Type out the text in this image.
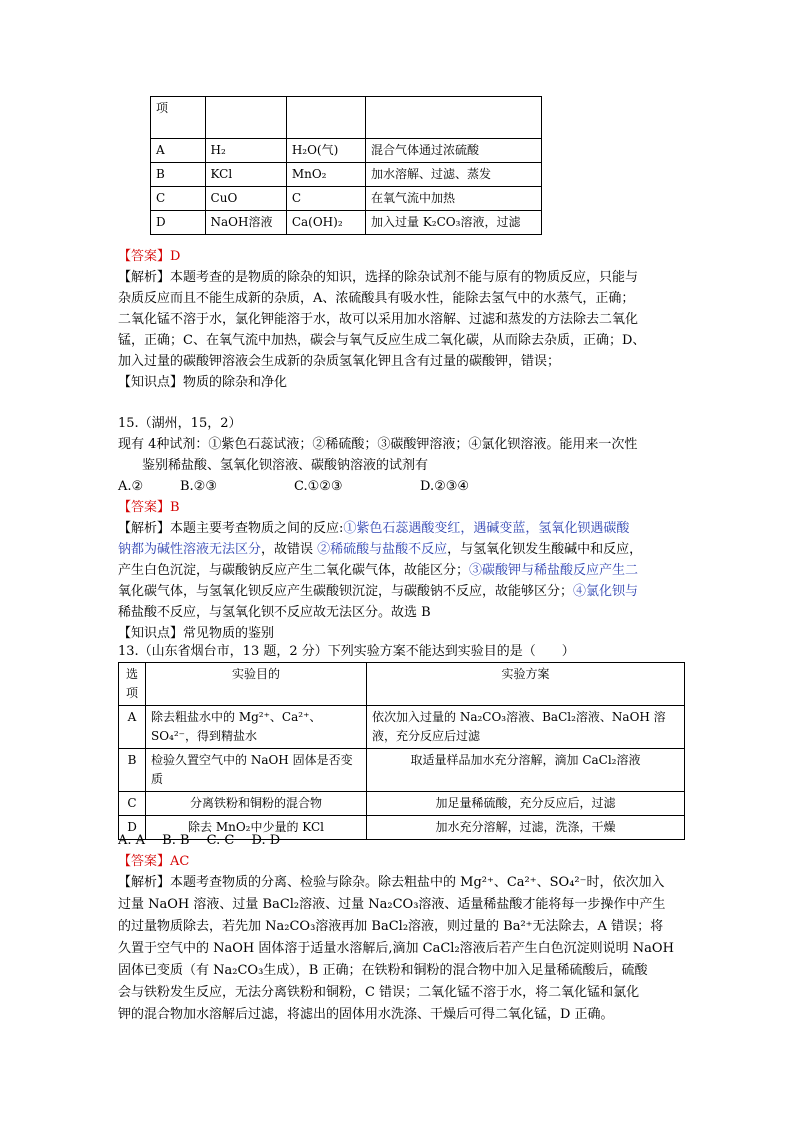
项			
A	H₂	H₂O(气)	混合气体通过浓硫酸
B	KCl	MnO₂	加水溶解、过滤、蒸发
C	CuO	C	在氧气流中加热
D	NaOH溶液	Ca(OH)₂	加入过量 K₂CO₃溶液，过滤
【答案】D
【解析】本题考查的是物质的除杂的知识，选择的除杂试剂不能与原有的物质反应，只能与
杂质反应而且不能生成新的杂质，A、浓硫酸具有吸水性，能除去氢气中的水蒸气，正确；
二氧化锰不溶于水，氯化钾能溶于水，故可以采用加水溶解、过滤和蒸发的方法除去二氧化
锰，正确；C、在氧气流中加热，碳会与氧气反应生成二氧化碳，从而除去杂质，正确；D、
加入过量的碳酸钾溶液会生成新的杂质氢氧化钾且含有过量的碳酸钾，错误；
【知识点】物质的除杂和净化
15.（湖州，15，2）
现有 4种试剂：①紫色石蕊试液；②稀硫酸；③碳酸钾溶液；④氯化钡溶液。能用来一次性
鉴别稀盐酸、氢氧化钡溶液、碳酸钠溶液的试剂有
A.②	B.②③	C.①②③	D.②③④
【答案】B
【解析】本题主要考查物质之间的反应:①紫色石蕊遇酸变红，遇碱变蓝，氢氧化钡遇碳酸
钠都为碱性溶液无法区分，故错误 ②稀硫酸与盐酸不反应，与氢氧化钡发生酸碱中和反应，
产生白色沉淀，与碳酸钠反应产生二氧化碳气体，故能区分；③碳酸钾与稀盐酸反应产生二
氧化碳气体，与氢氧化钡反应产生碳酸钡沉淀，与碳酸钠不反应，故能够区分；④氯化钡与
稀盐酸不反应，与氢氧化钡不反应故无法区分。故选 B
【知识点】常见物质的鉴别
13.（山东省烟台市，13 题，2 分）下列实验方案不能达到实验目的是（　　）
选项	实验目的	实验方案
A	除去粗盐水中的 Mg²⁺、Ca²⁺、SO₄²⁻，得到精盐水	依次加入过量的 Na₂CO₃溶液、BaCl₂溶液、NaOH 溶液，充分反应后过滤
B	检验久置空气中的 NaOH 固体是否变质	取适量样品加水充分溶解，滴加 CaCl₂溶液
C	分离铁粉和铜粉的混合物	加足量稀硫酸，充分反应后，过滤
D	除去 MnO₂中少量的 KCl	加水充分溶解，过滤，洗涤，干燥
A. A　 B. B　 C. C　 D. D
【答案】AC
【解析】本题考查物质的分离、检验与除杂。除去粗盐中的 Mg²⁺、Ca²⁺、SO₄²⁻时，依次加入
过量 NaOH 溶液、过量 BaCl₂溶液、过量 Na₂CO₃溶液、适量稀盐酸才能将每一步操作中产生
的过量物质除去，若先加 Na₂CO₃溶液再加 BaCl₂溶液，则过量的 Ba²⁺无法除去，A 错误；将
久置于空气中的 NaOH 固体溶于适量水溶解后,滴加 CaCl₂溶液后若产生白色沉淀则说明 NaOH
固体已变质（有 Na₂CO₃生成），B 正确；在铁粉和铜粉的混合物中加入足量稀硫酸后，硫酸
会与铁粉发生反应，无法分离铁粉和铜粉，C 错误；二氧化锰不溶于水，将二氧化锰和氯化
钾的混合物加水溶解后过滤，将滤出的固体用水洗涤、干燥后可得二氧化锰，D 正确。
